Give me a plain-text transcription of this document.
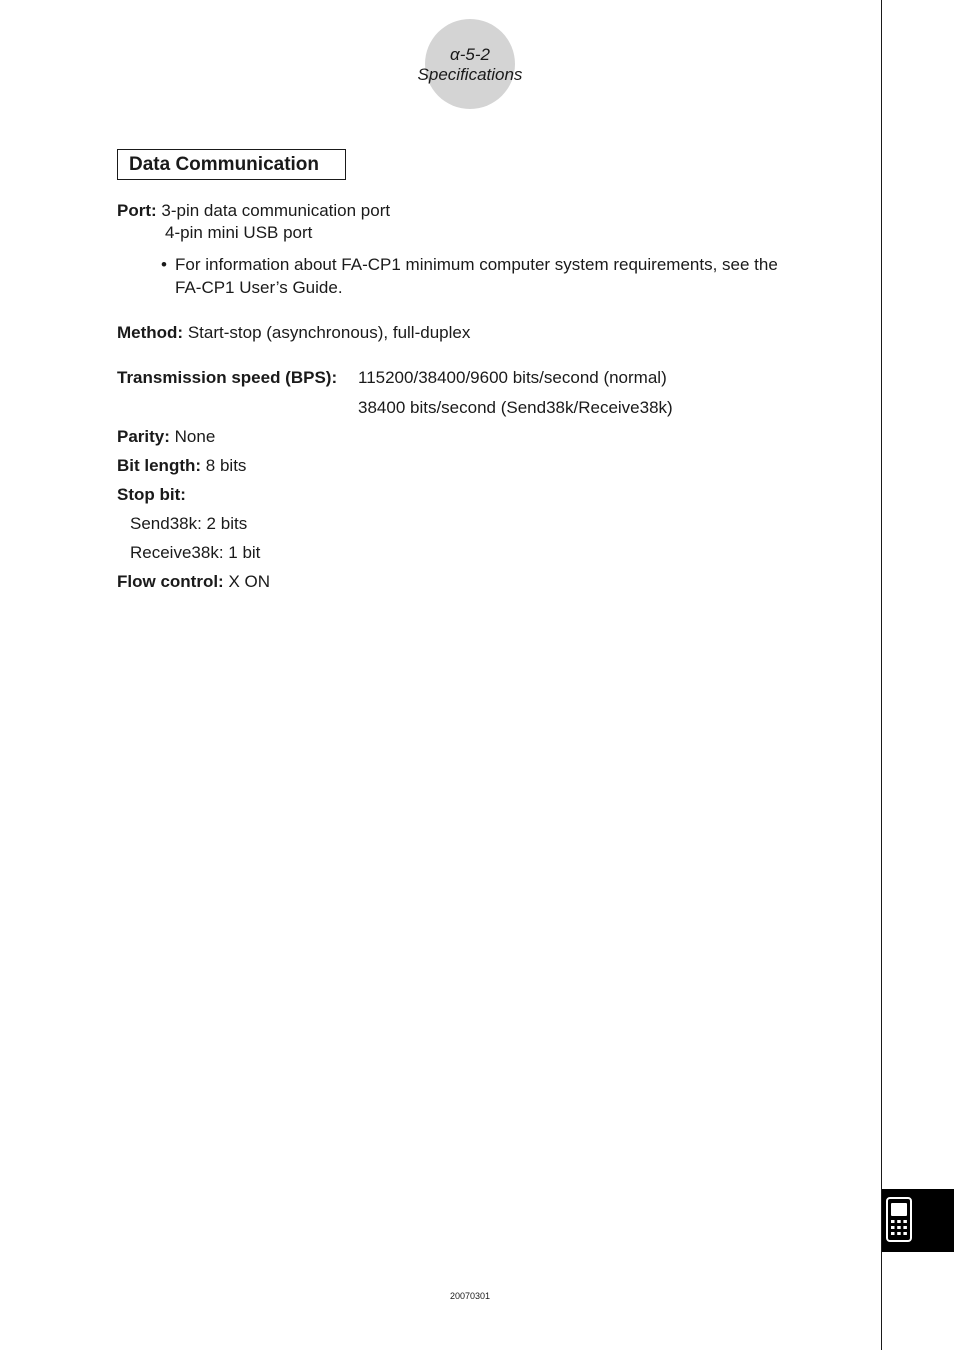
α-5-2
Specifications
Data Communication
Port: 3-pin data communication port
4-pin mini USB port
• For information about FA-CP1 minimum computer system requirements, see the
FA-CP1 User’s Guide.
Method: Start-stop (asynchronous), full-duplex
Transmission speed (BPS): 115200/38400/9600 bits/second (normal)
38400 bits/second (Send38k/Receive38k)
Parity: None
Bit length: 8 bits
Stop bit:
Send38k: 2 bits
Receive38k: 1 bit
Flow control: X ON
20070301
